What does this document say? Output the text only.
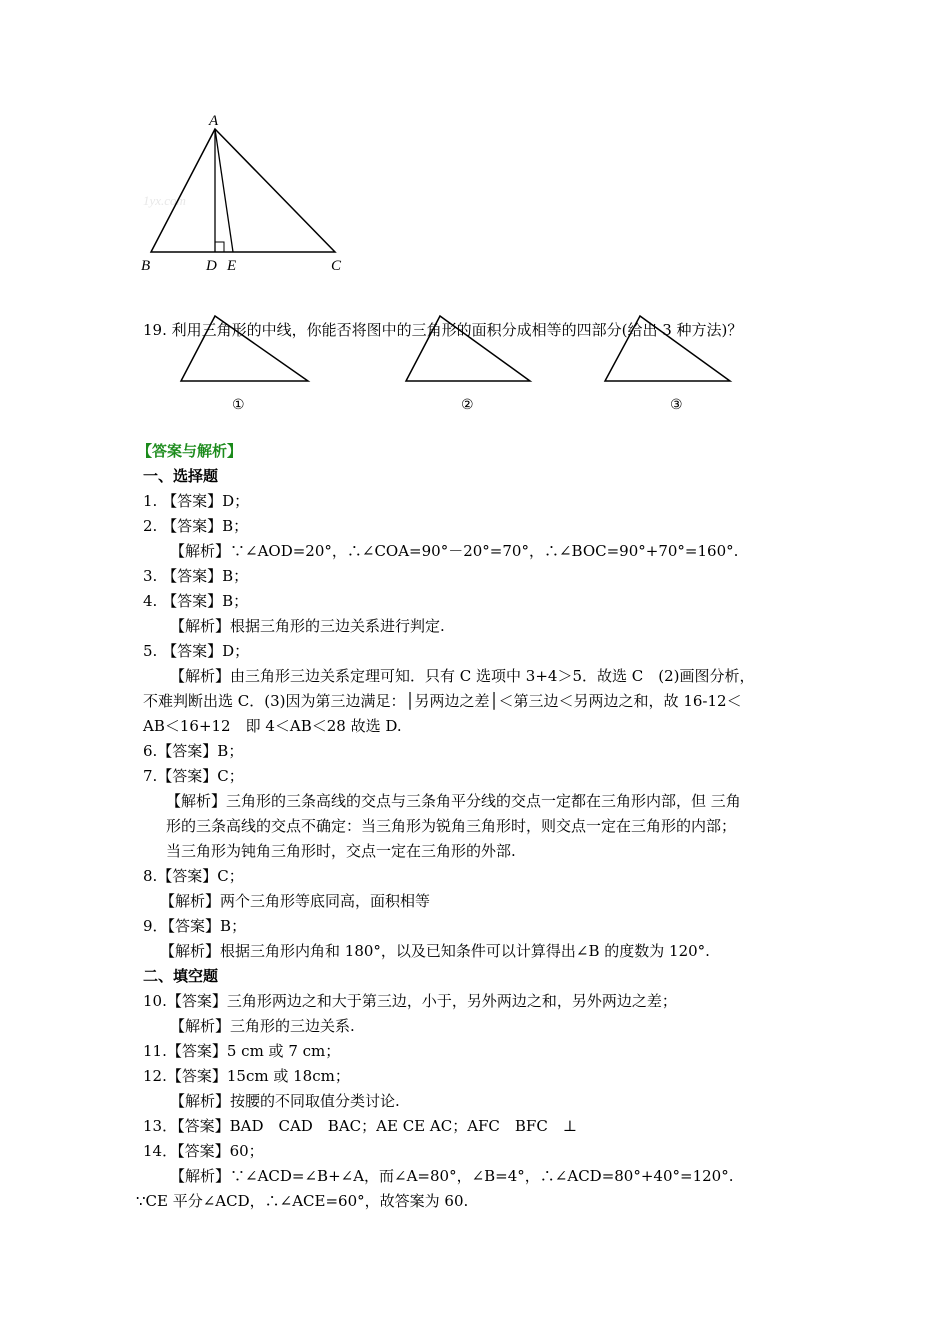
1yx.com
A
B	D E	C
19. 利用三角形的中线，你能否将图中的三角形的面积分成相等的四部分(给出 3 种方法)？
①	②	③
【答案与解析】
一、选择题
1. 【答案】D；
2. 【答案】B；
【解析】∵∠AOD=20°，∴∠COA=90°－20°=70°，∴∠BOC=90°+70°=160°.
3. 【答案】B；
4. 【答案】B；
【解析】根据三角形的三边关系进行判定.
5. 【答案】D；
【解析】由三角形三边关系定理可知．只有 C 选项中 3+4＞5．故选 C　(2)画图分析，
不难判断出选 C．(3)因为第三边满足：│另两边之差│＜第三边＜另两边之和，故 16-12＜
AB＜16+12　即 4＜AB＜28 故选 D.
6.【答案】B；
7.【答案】C；
【解析】三角形的三条高线的交点与三条角平分线的交点一定都在三角形内部，但 三角
形的三条高线的交点不确定：当三角形为锐角三角形时，则交点一定在三角形的内部；
当三角形为钝角三角形时，交点一定在三角形的外部.
8.【答案】C；
【解析】两个三角形等底同高，面积相等
9．【答案】B；
【解析】根据三角形内角和 180°，以及已知条件可以计算得出∠B 的度数为 120°.
二、填空题
10.【答案】三角形两边之和大于第三边，小于，另外两边之和，另外两边之差；
【解析】三角形的三边关系.
11.【答案】5 cm 或 7 cm；
12.【答案】15cm 或 18cm；
【解析】按腰的不同取值分类讨论.
13．【答案】BAD　CAD　BAC；AE CE AC；AFC　BFC　⊥
14．【答案】60；
【解析】∵∠ACD=∠B+∠A，而∠A=80°，∠B=4°，∴∠ACD=80°+40°=120°.
∵CE 平分∠ACD，∴∠ACE=60°，故答案为 60.
